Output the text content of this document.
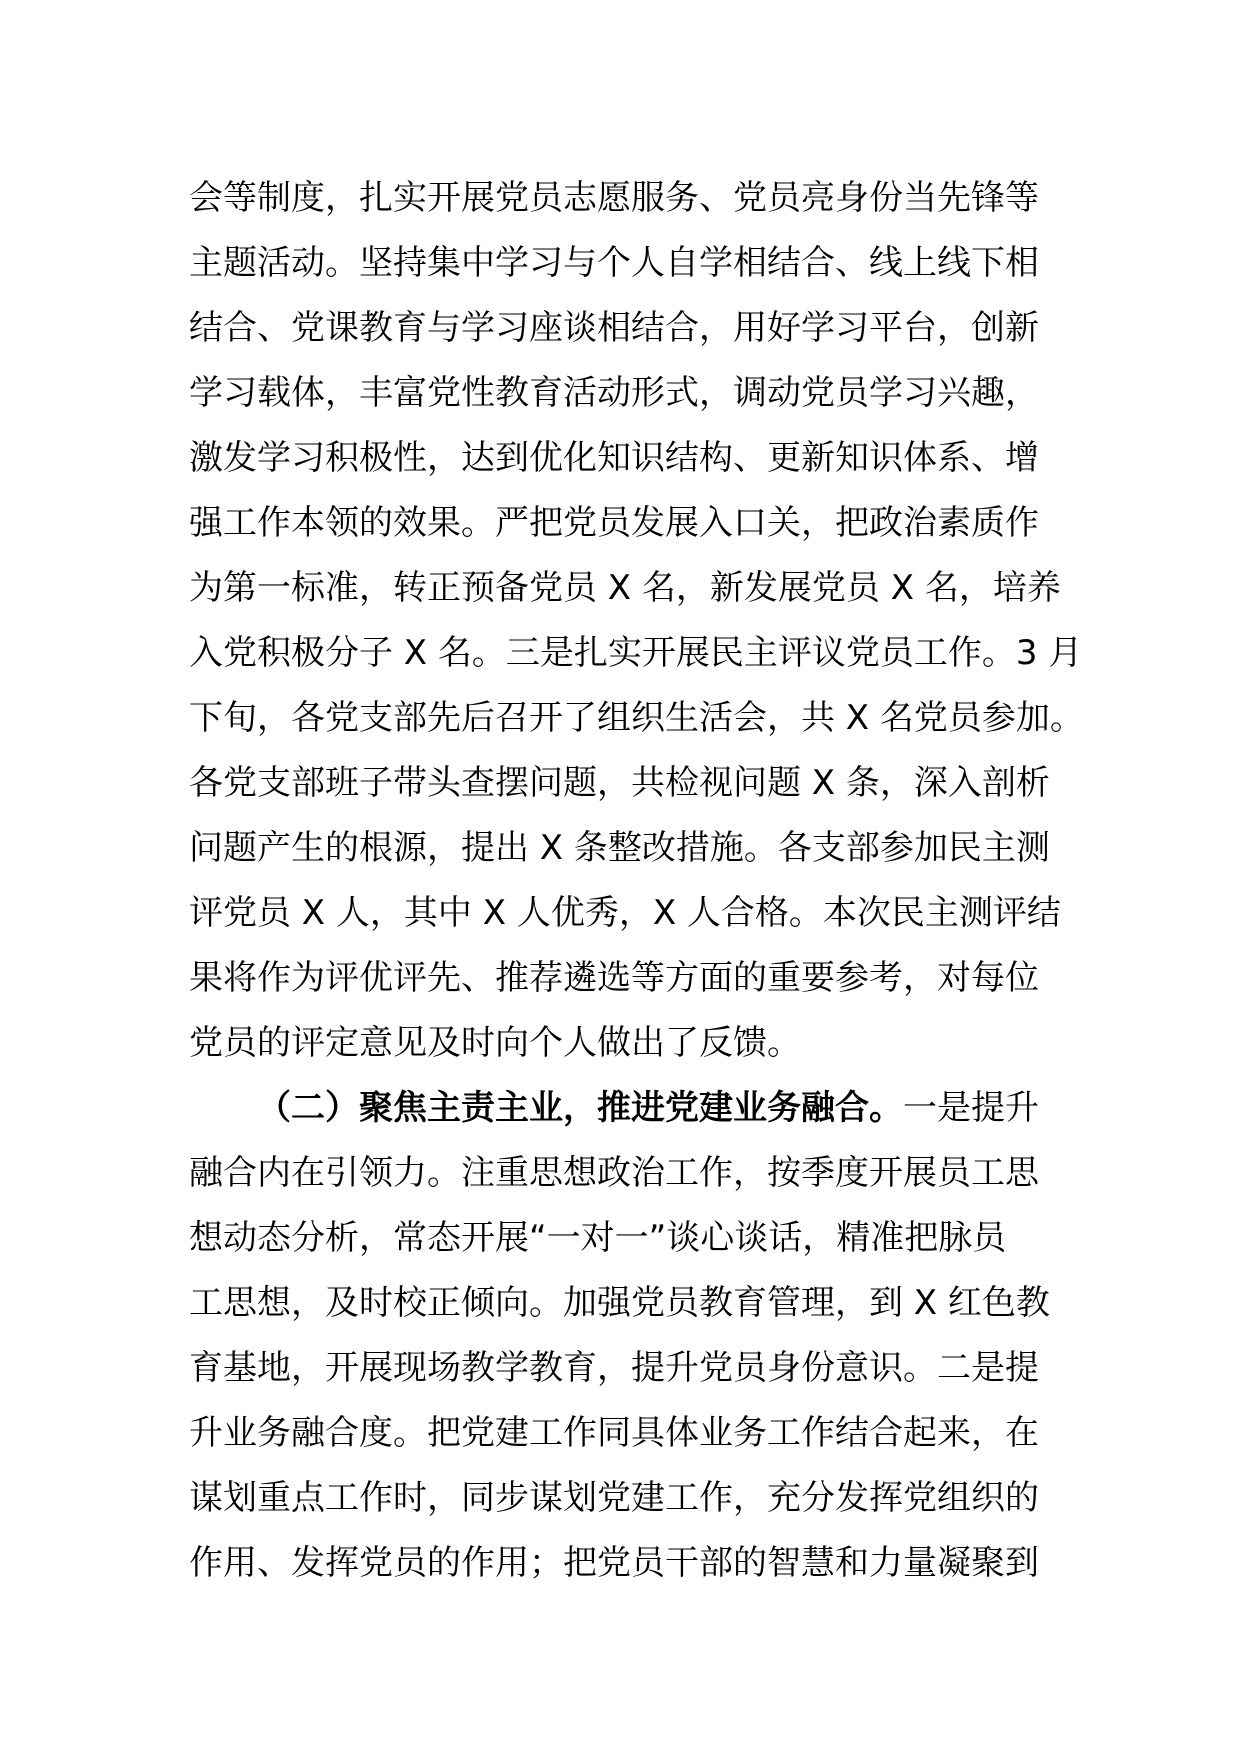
会等制度，扎实开展党员志愿服务、党员亮身份当先锋等
主题活动。坚持集中学习与个人自学相结合、线上线下相
结合、党课教育与学习座谈相结合，用好学习平台，创新
学习载体，丰富党性教育活动形式，调动党员学习兴趣，
激发学习积极性，达到优化知识结构、更新知识体系、增
强工作本领的效果。严把党员发展入口关，把政治素质作
为第一标准，转正预备党员 X 名，新发展党员 X 名，培养
入党积极分子 X 名。三是扎实开展民主评议党员工作。3 月
下旬，各党支部先后召开了组织生活会，共 X 名党员参加。
各党支部班子带头查摆问题，共检视问题 X 条，深入剖析
问题产生的根源，提出 X 条整改措施。各支部参加民主测
评党员 X 人，其中 X 人优秀，X 人合格。本次民主测评结
果将作为评优评先、推荐遴选等方面的重要参考，对每位
党员的评定意见及时向个人做出了反馈。
（二）聚焦主责主业，推进党建业务融合。一是提升
融合内在引领力。注重思想政治工作，按季度开展员工思
想动态分析，常态开展“一对一”谈心谈话，精准把脉员
工思想，及时校正倾向。加强党员教育管理，到 X 红色教
育基地，开展现场教学教育，提升党员身份意识。二是提
升业务融合度。把党建工作同具体业务工作结合起来，在
谋划重点工作时，同步谋划党建工作，充分发挥党组织的
作用、发挥党员的作用；把党员干部的智慧和力量凝聚到
